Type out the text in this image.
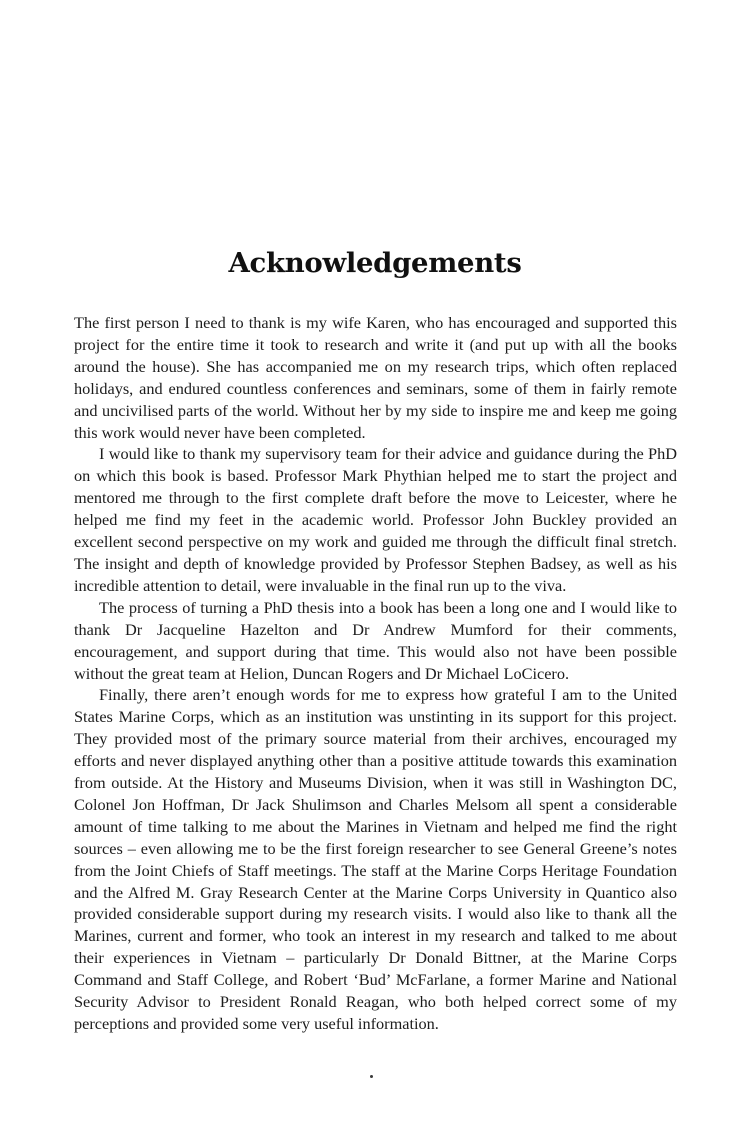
Acknowledgements

The first person I need to thank is my wife Karen, who has encouraged and supported this project for the entire time it took to research and write it (and put up with all the books around the house). She has accompanied me on my research trips, which often replaced holidays, and endured countless conferences and seminars, some of them in fairly remote and uncivilised parts of the world. Without her by my side to inspire me and keep me going this work would never have been completed.

I would like to thank my supervisory team for their advice and guidance during the PhD on which this book is based. Professor Mark Phythian helped me to start the project and mentored me through to the first complete draft before the move to Leicester, where he helped me find my feet in the academic world. Professor John Buckley provided an excellent second perspective on my work and guided me through the difficult final stretch. The insight and depth of knowledge provided by Professor Stephen Badsey, as well as his incredible attention to detail, were invaluable in the final run up to the viva.

The process of turning a PhD thesis into a book has been a long one and I would like to thank Dr Jacqueline Hazelton and Dr Andrew Mumford for their comments, encouragement, and support during that time. This would also not have been possible without the great team at Helion, Duncan Rogers and Dr Michael LoCicero.

Finally, there aren’t enough words for me to express how grateful I am to the United States Marine Corps, which as an institution was unstinting in its support for this project. They provided most of the primary source material from their archives, encouraged my efforts and never displayed anything other than a positive attitude towards this examination from outside. At the History and Museums Division, when it was still in Washington DC, Colonel Jon Hoffman, Dr Jack Shulimson and Charles Melsom all spent a considerable amount of time talking to me about the Marines in Vietnam and helped me find the right sources – even allowing me to be the first foreign researcher to see General Greene’s notes from the Joint Chiefs of Staff meetings. The staff at the Marine Corps Heritage Foundation and the Alfred M. Gray Research Center at the Marine Corps University in Quantico also provided considerable support during my research visits. I would also like to thank all the Marines, current and former, who took an interest in my research and talked to me about their experiences in Vietnam – particularly Dr Donald Bittner, at the Marine Corps Command and Staff College, and Robert ‘Bud’ McFarlane, a former Marine and National Security Advisor to President Ronald Reagan, who both helped correct some of my perceptions and provided some very useful information.
